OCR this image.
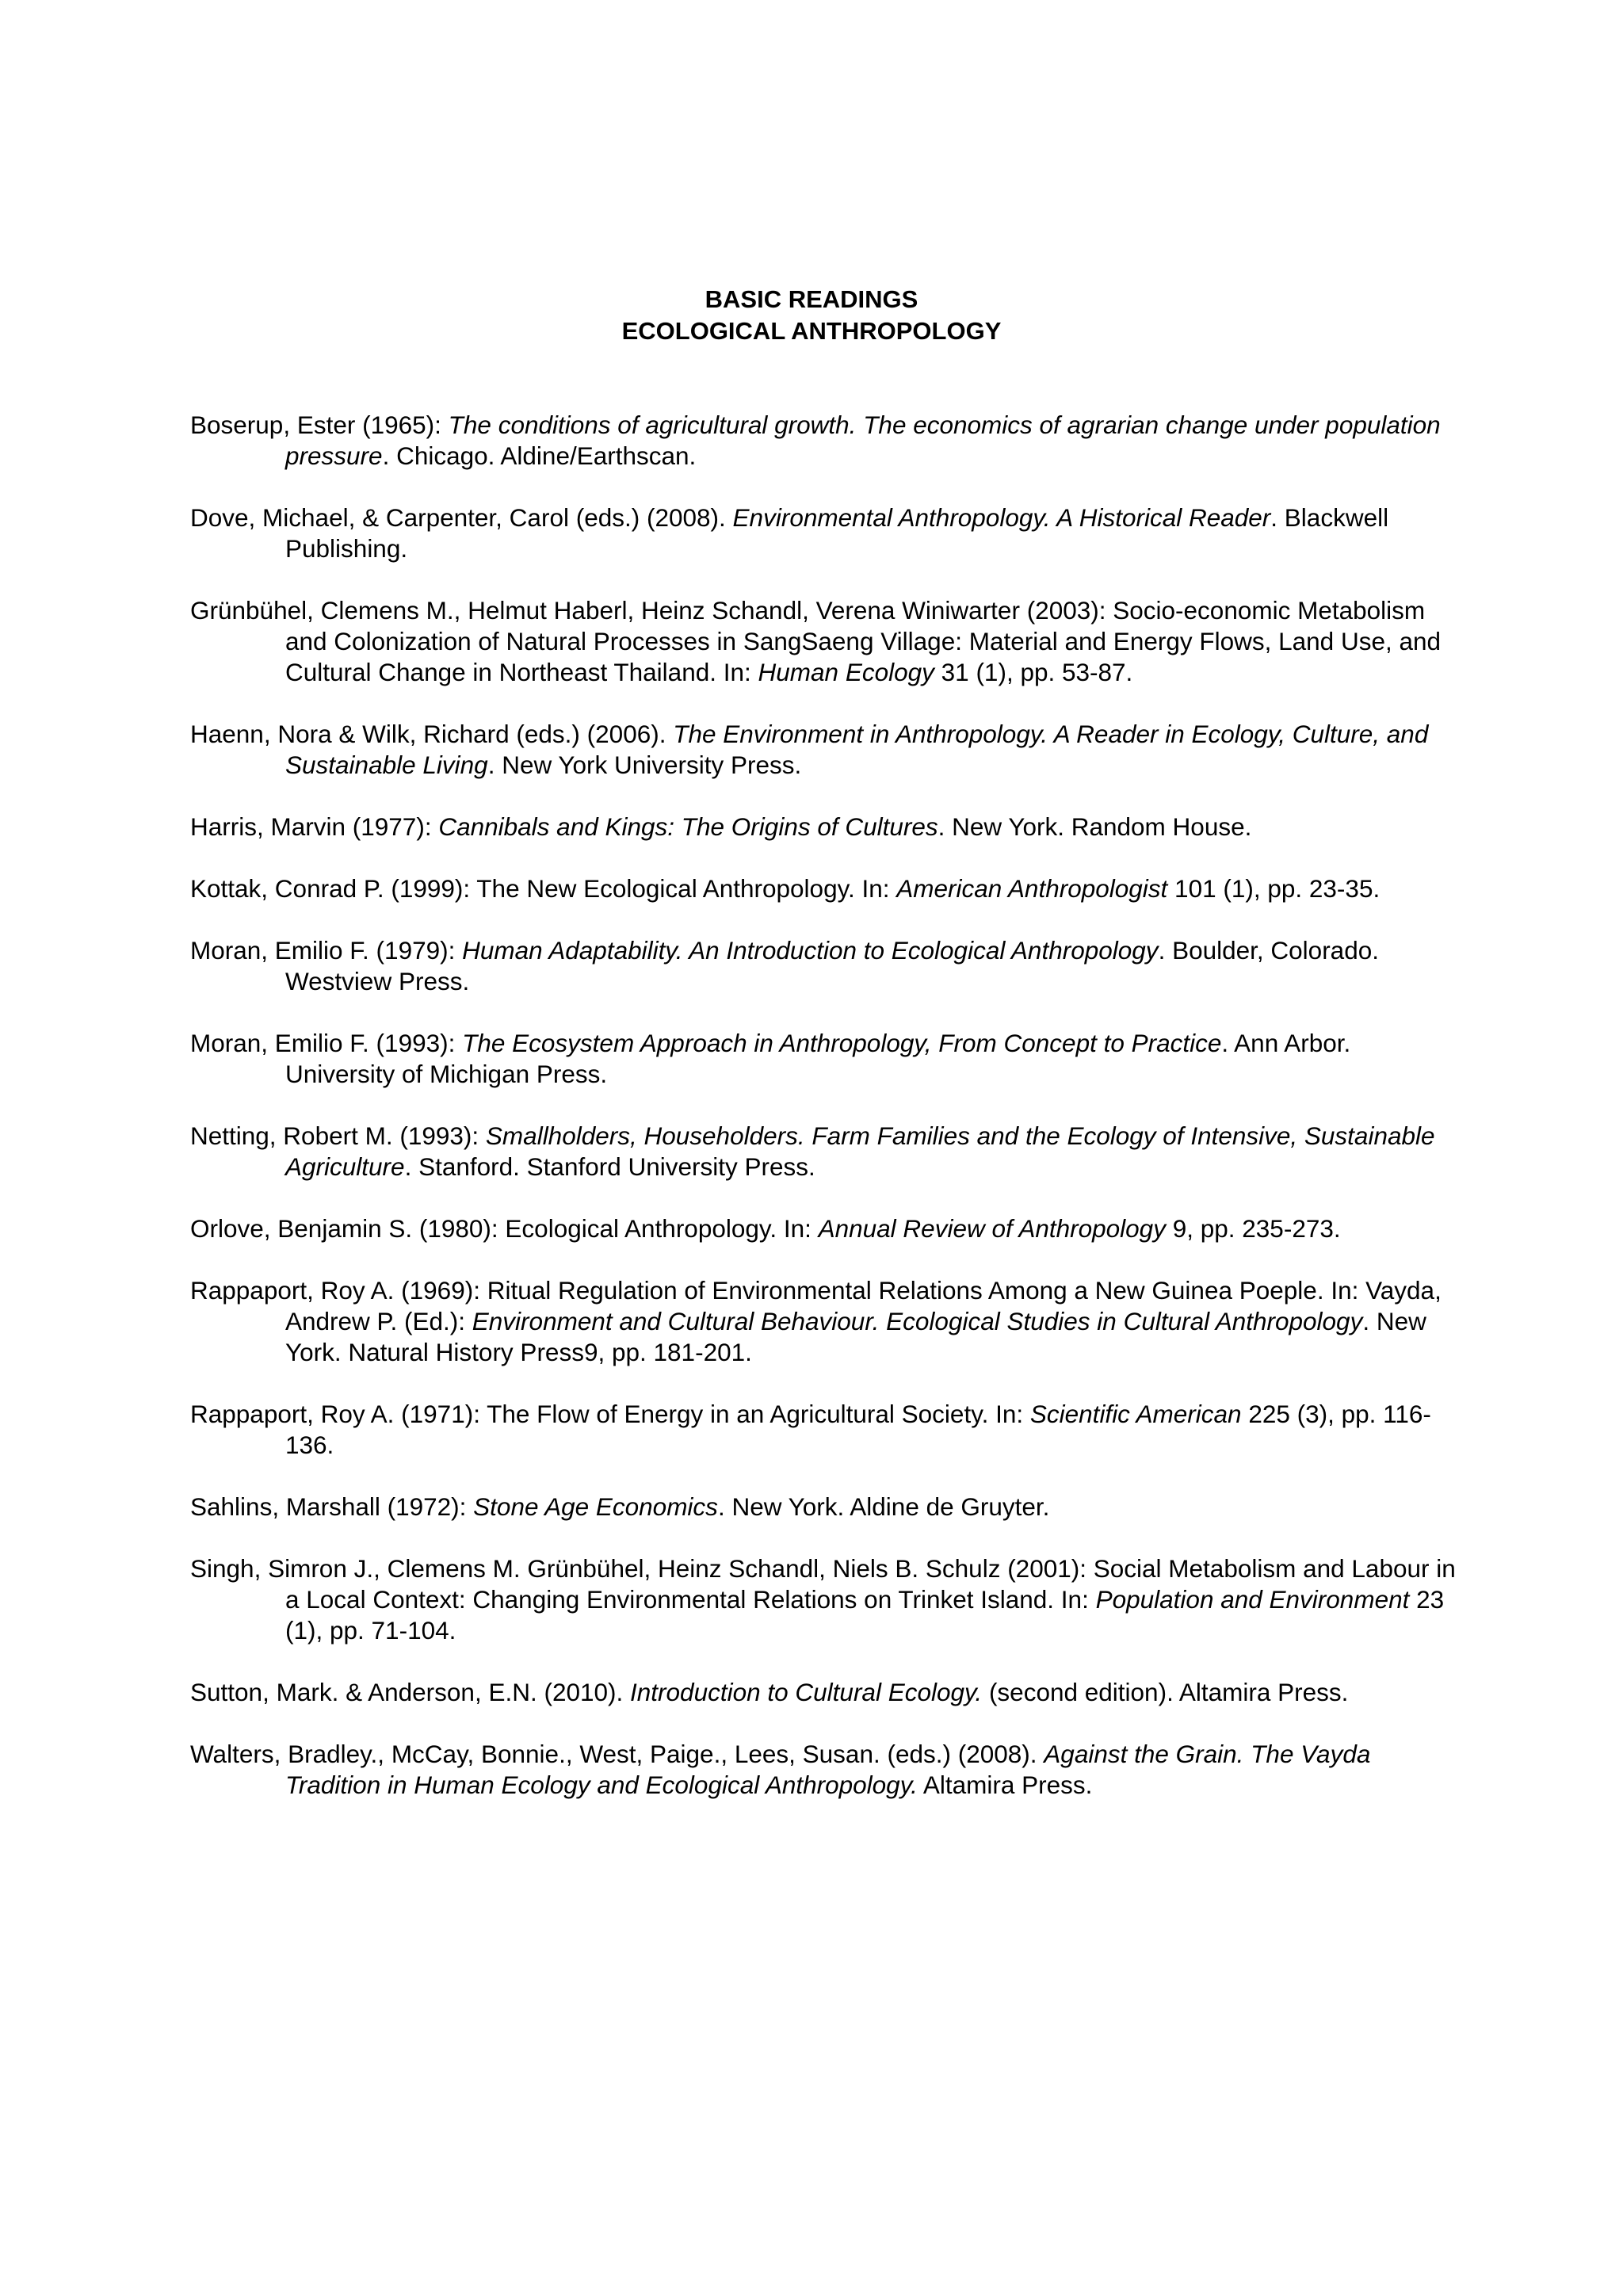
BASIC READINGS
ECOLOGICAL ANTHROPOLOGY

Boserup, Ester (1965): The conditions of agricultural growth. The economics of agrarian change under population pressure. Chicago. Aldine/Earthscan.

Dove, Michael, & Carpenter, Carol (eds.) (2008). Environmental Anthropology. A Historical Reader. Blackwell Publishing.

Grünbühel, Clemens M., Helmut Haberl, Heinz Schandl, Verena Winiwarter (2003): Socio-economic Metabolism and Colonization of Natural Processes in SangSaeng Village: Material and Energy Flows, Land Use, and Cultural Change in Northeast Thailand. In: Human Ecology 31 (1), pp. 53-87.

Haenn, Nora & Wilk, Richard (eds.) (2006). The Environment in Anthropology. A Reader in Ecology, Culture, and Sustainable Living. New York University Press.

Harris, Marvin (1977): Cannibals and Kings: The Origins of Cultures. New York. Random House.

Kottak, Conrad P. (1999): The New Ecological Anthropology. In: American Anthropologist 101 (1), pp. 23-35.

Moran, Emilio F. (1979): Human Adaptability. An Introduction to Ecological Anthropology. Boulder, Colorado. Westview Press.

Moran, Emilio F. (1993): The Ecosystem Approach in Anthropology, From Concept to Practice. Ann Arbor. University of Michigan Press.

Netting, Robert M. (1993): Smallholders, Householders. Farm Families and the Ecology of Intensive, Sustainable Agriculture. Stanford. Stanford University Press.

Orlove, Benjamin S. (1980): Ecological Anthropology. In: Annual Review of Anthropology 9, pp. 235-273.

Rappaport, Roy A. (1969): Ritual Regulation of Environmental Relations Among a New Guinea Poeple. In: Vayda, Andrew P. (Ed.): Environment and Cultural Behaviour. Ecological Studies in Cultural Anthropology. New York. Natural History Press9, pp. 181-201.

Rappaport, Roy A. (1971): The Flow of Energy in an Agricultural Society. In: Scientific American 225 (3), pp. 116-136.

Sahlins, Marshall (1972): Stone Age Economics. New York. Aldine de Gruyter.

Singh, Simron J., Clemens M. Grünbühel, Heinz Schandl, Niels B. Schulz (2001): Social Metabolism and Labour in a Local Context: Changing Environmental Relations on Trinket Island. In: Population and Environment 23 (1), pp. 71-104.

Sutton, Mark. & Anderson, E.N. (2010). Introduction to Cultural Ecology. (second edition). Altamira Press.

Walters, Bradley., McCay, Bonnie., West, Paige., Lees, Susan. (eds.) (2008). Against the Grain. The Vayda Tradition in Human Ecology and Ecological Anthropology. Altamira Press.
